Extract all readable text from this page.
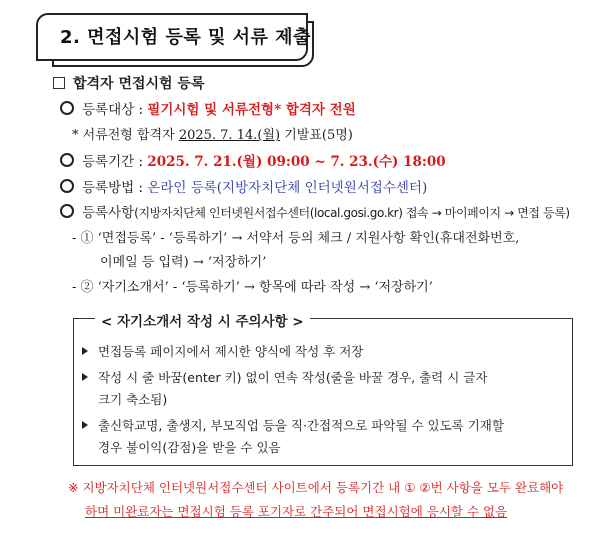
2. 면접시험 등록 및 서류 제출
합격자 면접시험 등록
등록대상 : 필기시험 및 서류전형* 합격자 전원
* 서류전형 합격자 2025. 7. 14.(월) 기발표(5명)
등록기간 : 2025. 7. 21.(월) 09:00 ~ 7. 23.(수) 18:00
등록방법 : 온라인 등록(지방자치단체 인터넷원서접수센터)
등록사항(지방자치단체 인터넷원서접수센터(local.gosi.go.kr) 접속 → 마이페이지 → 면접 등록)
- ① ‘면접등록’ - ‘등록하기’ → 서약서 등의 체크 / 지원사항 확인(휴대전화번호,
이메일 등 입력) → ‘저장하기’
- ② ‘자기소개서’ - ‘등록하기’ → 항목에 따라 작성 → ‘저장하기’
< 자기소개서 작성 시 주의사항 >
면접등록 페이지에서 제시한 양식에 작성 후 저장
작성 시 줄 바꿈(enter 키) 없이 연속 작성(줄을 바꿀 경우, 출력 시 글자
크기 축소됨)
출신학교명, 출생지, 부모직업 등을 직·간접적으로 파악될 수 있도록 기재할
경우 불이익(감점)을 받을 수 있음
※ 지방자치단체 인터넷원서접수센터 사이트에서 등록기간 내 ① ②번 사항을 모두 완료해야
하며 미완료자는 면접시험 등록 포기자로 간주되어 면접시험에 응시할 수 없음
